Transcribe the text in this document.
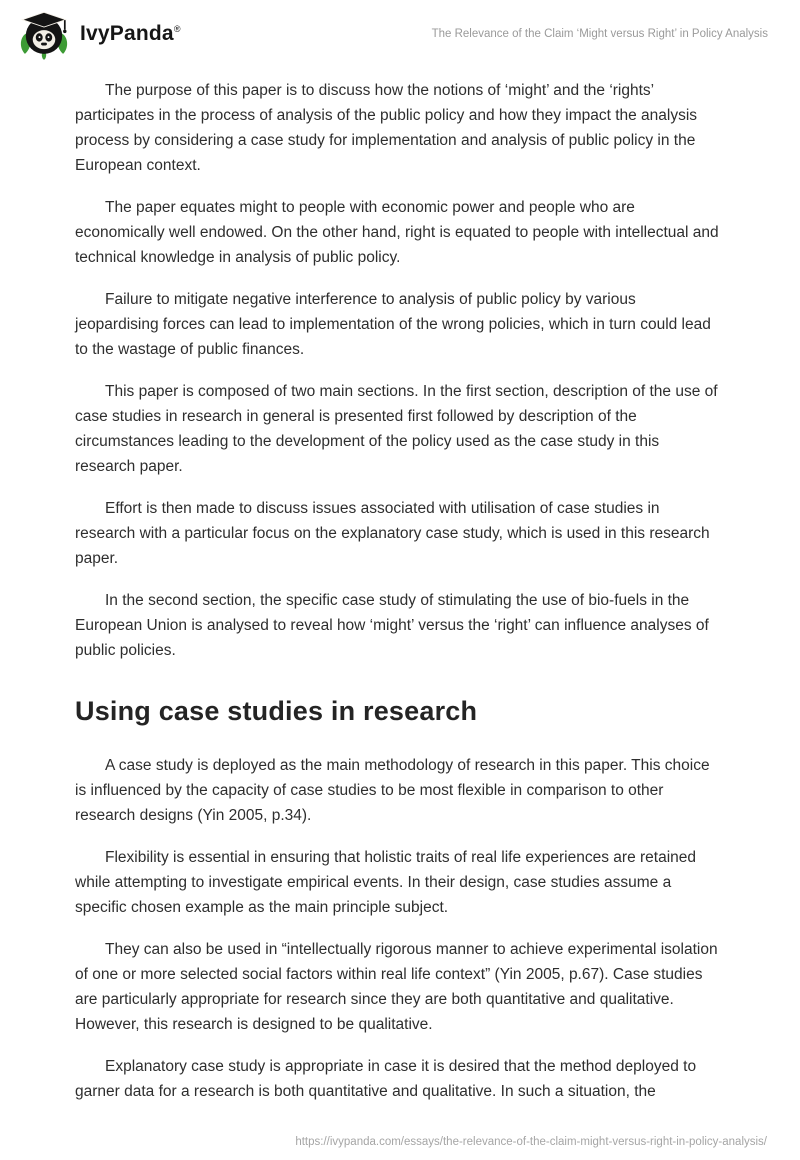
IvyPanda®	The Relevance of the Claim ‘Might versus Right’ in Policy Analysis

The purpose of this paper is to discuss how the notions of ‘might’ and the ‘rights’ participates in the process of analysis of the public policy and how they impact the analysis process by considering a case study for implementation and analysis of public policy in the European context.

The paper equates might to people with economic power and people who are economically well endowed. On the other hand, right is equated to people with intellectual and technical knowledge in analysis of public policy.

Failure to mitigate negative interference to analysis of public policy by various jeopardising forces can lead to implementation of the wrong policies, which in turn could lead to the wastage of public finances.

This paper is composed of two main sections. In the first section, description of the use of case studies in research in general is presented first followed by description of the circumstances leading to the development of the policy used as the case study in this research paper.

Effort is then made to discuss issues associated with utilisation of case studies in research with a particular focus on the explanatory case study, which is used in this research paper.

In the second section, the specific case study of stimulating the use of bio-fuels in the European Union is analysed to reveal how ‘might’ versus the ‘right’ can influence analyses of public policies.

Using case studies in research

A case study is deployed as the main methodology of research in this paper. This choice is influenced by the capacity of case studies to be most flexible in comparison to other research designs (Yin 2005, p.34).

Flexibility is essential in ensuring that holistic traits of real life experiences are retained while attempting to investigate empirical events. In their design, case studies assume a specific chosen example as the main principle subject.

They can also be used in “intellectually rigorous manner to achieve experimental isolation of one or more selected social factors within real life context” (Yin 2005, p.67). Case studies are particularly appropriate for research since they are both quantitative and qualitative. However, this research is designed to be qualitative.

Explanatory case study is appropriate in case it is desired that the method deployed to garner data for a research is both quantitative and qualitative. In such a situation, the

https://ivypanda.com/essays/the-relevance-of-the-claim-might-versus-right-in-policy-analysis/
